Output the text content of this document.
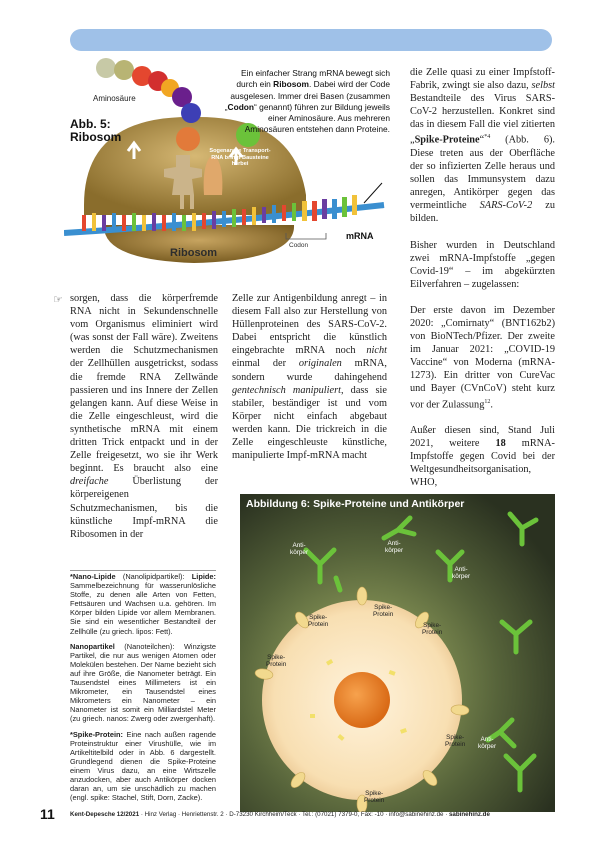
Ein einfacher Strang mRNA bewegt sich durch ein Ribosom. Dabei wird der Code ausgelesen. Immer drei Basen (zusammen „Codon“ genannt) führen zur Bildung jeweils einer Aminosäure. Aus mehreren Aminosäuren entstehen dann Proteine.
Aminosäure
Abb. 5:
Ribosom
Sogenannte Transport-RNA bringt Bausteine herbei
Ribosom
Codon
mRNA
☞ sorgen, dass die körperfremde RNA nicht in Sekundenschnelle vom Organismus eliminiert wird (was sonst der Fall wäre). Zweitens werden die Schutzmechanismen der Zellhüllen ausgetrickst, sodass die fremde RNA Zellwände passieren und ins Innere der Zellen gelangen kann. Auf diese Weise in die Zelle eingeschleust, wird die synthetische mRNA mit einem dritten Trick entpackt und in der Zelle freigesetzt, wo sie ihr Werk beginnt. Es braucht also eine dreifache Überlistung der körpereigenen Schutzmechanismen, bis die künstliche Impf-mRNA die Ribosomen in der

Zelle zur Antigenbildung anregt – in diesem Fall also zur Herstellung von Hüllenproteinen des SARS-CoV-2. Dabei entspricht die künstlich eingebrachte mRNA noch nicht einmal der originalen mRNA, sondern wurde dahingehend gentechnisch manipuliert, dass sie stabiler, beständiger ist und vom Körper nicht einfach abgebaut werden kann. Die trickreich in die Zelle eingeschleuste künstliche, manipulierte Impf-mRNA macht

die Zelle quasi zu einer Impfstoff-Fabrik, zwingt sie also dazu, selbst Bestandteile des Virus SARS-CoV-2 herzustellen. Konkret sind das in diesem Fall die viel zitierten „Spike-Proteine“$^{*4}$ (Abb. 6). Diese treten aus der Oberfläche der so infizierten Zelle heraus und sollen das Immunsystem dazu anregen, Antikörper gegen das vermeintliche SARS-CoV-2 zu bilden.

Bisher wurden in Deutschland zwei mRNA-Impfstoffe „gegen Covid-19“ – im abgekürzten Eilverfahren – zugelassen:

Der erste davon im Dezember 2020: „Comirnaty“ (BNT162b2) von BioNTech/Pfizer. Der zweite im Januar 2021: „COVID-19 Vaccine“ von Moderna (mRNA-1273). Ein dritter von CureVac und Bayer (CVnCoV) steht kurz vor der Zulassung$^{12}$.

Außer diesen sind, Stand Juli 2021, weitere 18 mRNA-Impfstoffe gegen Covid bei der Weltgesundheitsorganisation, WHO,

*Nano-Lipide (Nanolipidpartikel): Lipide: Sammelbezeichnung für wasserunlösliche Stoffe, zu denen alle Arten von Fetten, Fettsäuren und Wachsen u.a. gehören. Im Körper bilden Lipide vor allem Membranen. Sie sind ein wesentlicher Bestandteil der Zellhülle (zu griech. lipos: Fett).

Nanopartikel (Nanoteilchen): Winzigste Partikel, die nur aus wenigen Atomen oder Molekülen bestehen. Der Name bezieht sich auf ihre Größe, die Nanometer beträgt. Ein Tausendstel eines Millimeters ist ein Mikrometer, ein Tausendstel eines Mikrometers ein Nanometer – ein Nanometer ist somit ein Milliardstel Meter (zu griech. nanos: Zwerg oder zwergenhaft).

*Spike-Protein: Eine nach außen ragende Proteinstruktur einer Virushülle, wie im Artikeltitelbild oder in Abb. 6 dargestellt. Grundlegend dienen die Spike-Proteine einem Virus dazu, an eine Wirtszelle anzudocken, aber auch Antikörper docken daran an, um sie unschädlich zu machen (engl. spike: Stachel, Stift, Dorn, Zacke).

Abbildung 6: Spike-Proteine und Antikörper
Anti-
körper
Anti-
körper
Anti-
körper
Anti-
körper
Spike-
Protein
Spike-
Protein
Spike-
Protein
Spike-
Protein
Spike-
Protein
Spike-
Protein
11 Kent-Depesche 12/2021 · Hinz Verlag · Henriettenstr. 2 · D-73230 Kirchheim/Teck · Tel.: (07021) 7379-0, Fax: -10 · info@sabinehinz.de · sabinehinz.de
